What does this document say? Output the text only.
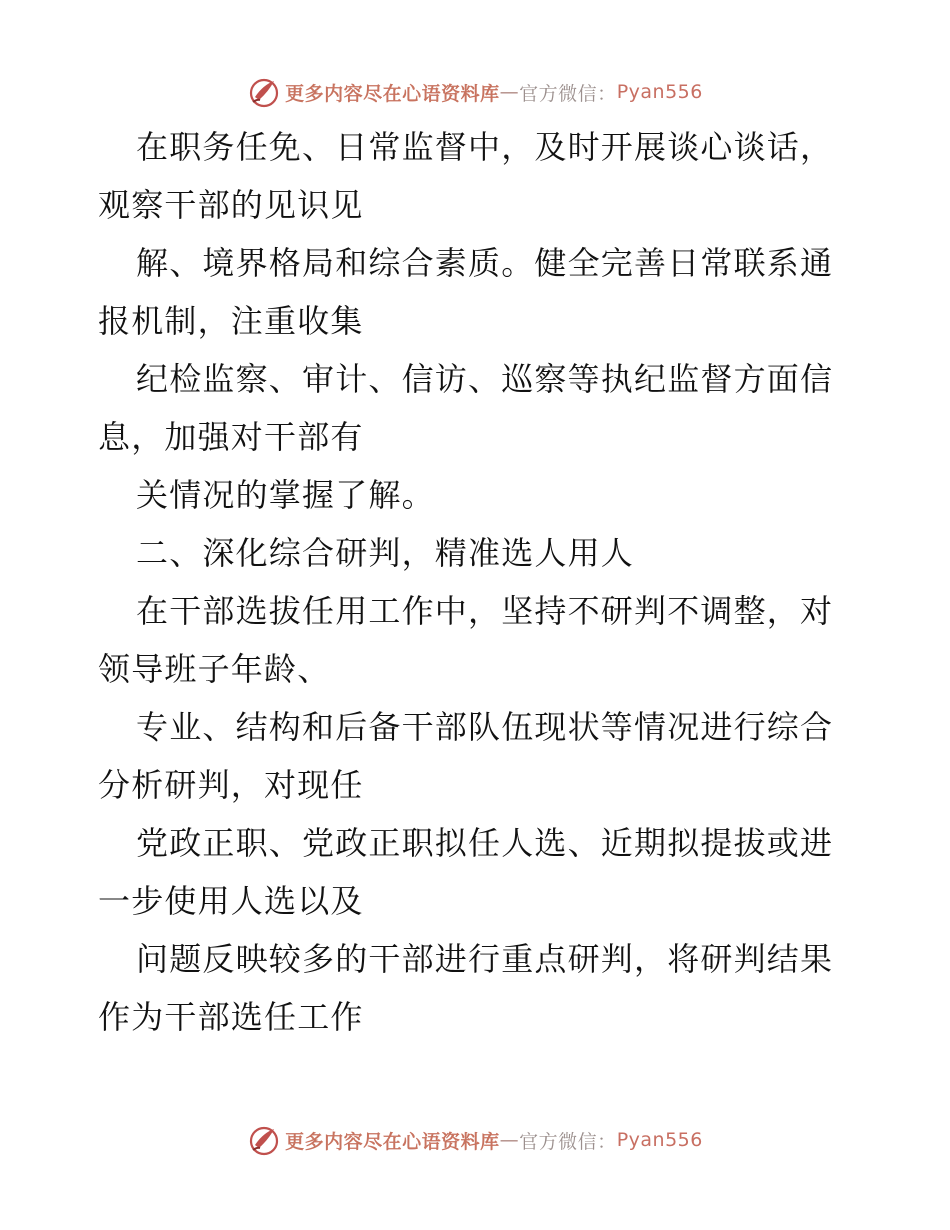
更多内容尽在心语资料库 — 官方微信： Pyan556
在职务任免、日常监督中，及时开展谈心谈话，
观察干部的见识见
解、境界格局和综合素质。健全完善日常联系通
报机制，注重收集
纪检监察、审计、信访、巡察等执纪监督方面信
息，加强对干部有
关情况的掌握了解。
二、深化综合研判，精准选人用人
在干部选拔任用工作中，坚持不研判不调整，对
领导班子年龄、
专业、结构和后备干部队伍现状等情况进行综合
分析研判，对现任
党政正职、党政正职拟任人选、近期拟提拔或进
一步使用人选以及
问题反映较多的干部进行重点研判，将研判结果
作为干部选任工作
更多内容尽在心语资料库 — 官方微信： Pyan556
